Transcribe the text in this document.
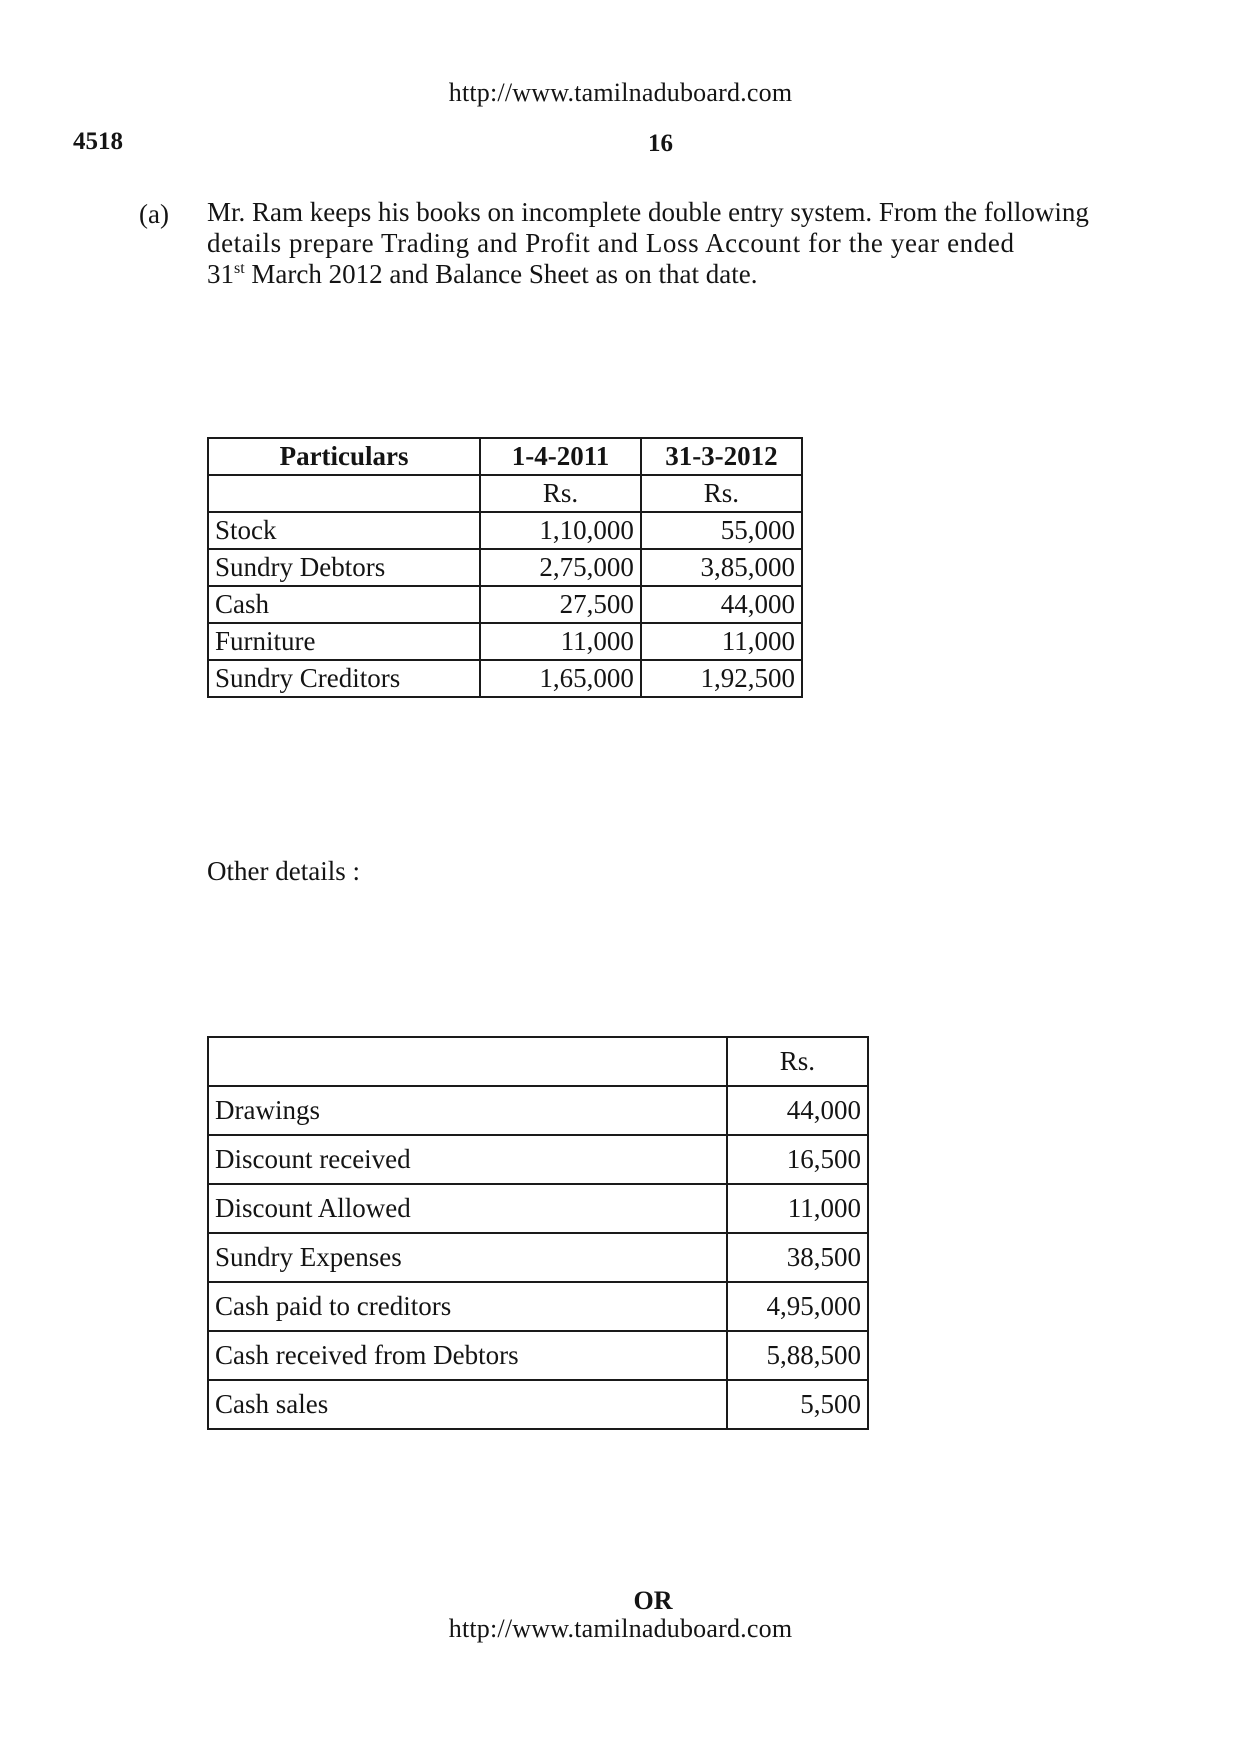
http://www.tamilnaduboard.com
4518	16
(a) Mr. Ram keeps his books on incomplete double entry system. From the following
details prepare Trading and Profit and Loss Account for the year ended
31st March 2012 and Balance Sheet as on that date.
Particulars	1-4-2011	31-3-2012
	Rs.	Rs.
Stock	1,10,000	55,000
Sundry Debtors	2,75,000	3,85,000
Cash	27,500	44,000
Furniture	11,000	11,000
Sundry Creditors	1,65,000	1,92,500
Other details :
	Rs.
Drawings	44,000
Discount received	16,500
Discount Allowed	11,000
Sundry Expenses	38,500
Cash paid to creditors	4,95,000
Cash received from Debtors	5,88,500
Cash sales	5,500
OR
http://www.tamilnaduboard.com
